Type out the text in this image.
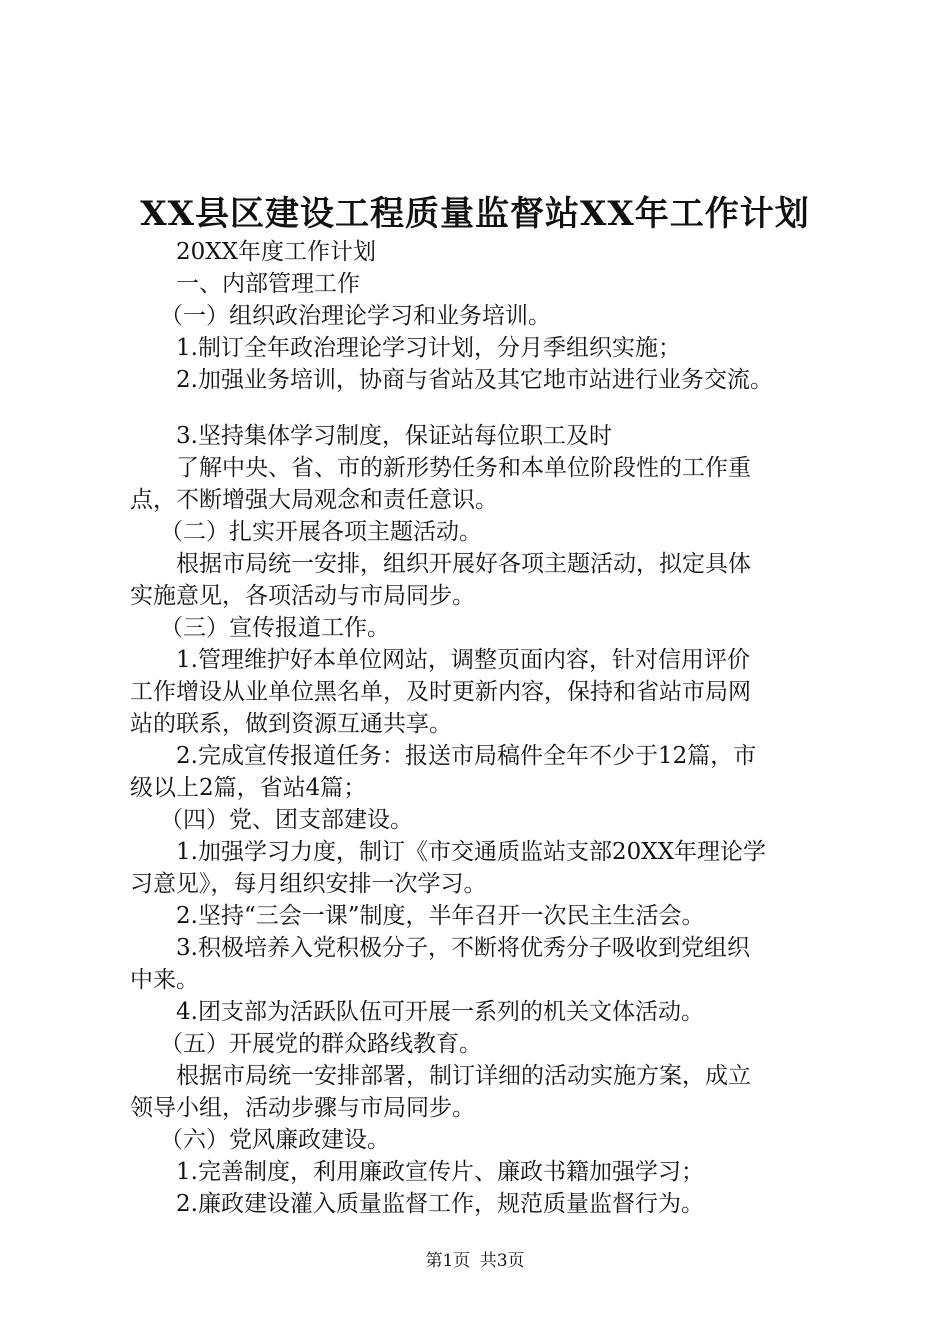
XX县区建设工程质量监督站XX年工作计划
20XX年度工作计划
一、内部管理工作
（一）组织政治理论学习和业务培训。
1.制订全年政治理论学习计划，分月季组织实施；
2.加强业务培训，协商与省站及其它地市站进行业务交流。
3.坚持集体学习制度，保证站每位职工及时
了解中央、省、市的新形势任务和本单位阶段性的工作重
点，不断增强大局观念和责任意识。
（二）扎实开展各项主题活动。
根据市局统一安排，组织开展好各项主题活动，拟定具体
实施意见，各项活动与市局同步。
（三）宣传报道工作。
1.管理维护好本单位网站，调整页面内容，针对信用评价
工作增设从业单位黑名单，及时更新内容，保持和省站市局网
站的联系，做到资源互通共享。
2.完成宣传报道任务：报送市局稿件全年不少于12篇，市
级以上2篇，省站4篇；
（四）党、团支部建设。
1.加强学习力度，制订《市交通质监站支部20XX年理论学
习意见》，每月组织安排一次学习。
2.坚持“三会一课”制度，半年召开一次民主生活会。
3.积极培养入党积极分子，不断将优秀分子吸收到党组织
中来。
4.团支部为活跃队伍可开展一系列的机关文体活动。
（五）开展党的群众路线教育。
根据市局统一安排部署，制订详细的活动实施方案，成立
领导小组，活动步骤与市局同步。
（六）党风廉政建设。
1.完善制度，利用廉政宣传片、廉政书籍加强学习；
2.廉政建设灌入质量监督工作，规范质量监督行为。
第1页 共3页
